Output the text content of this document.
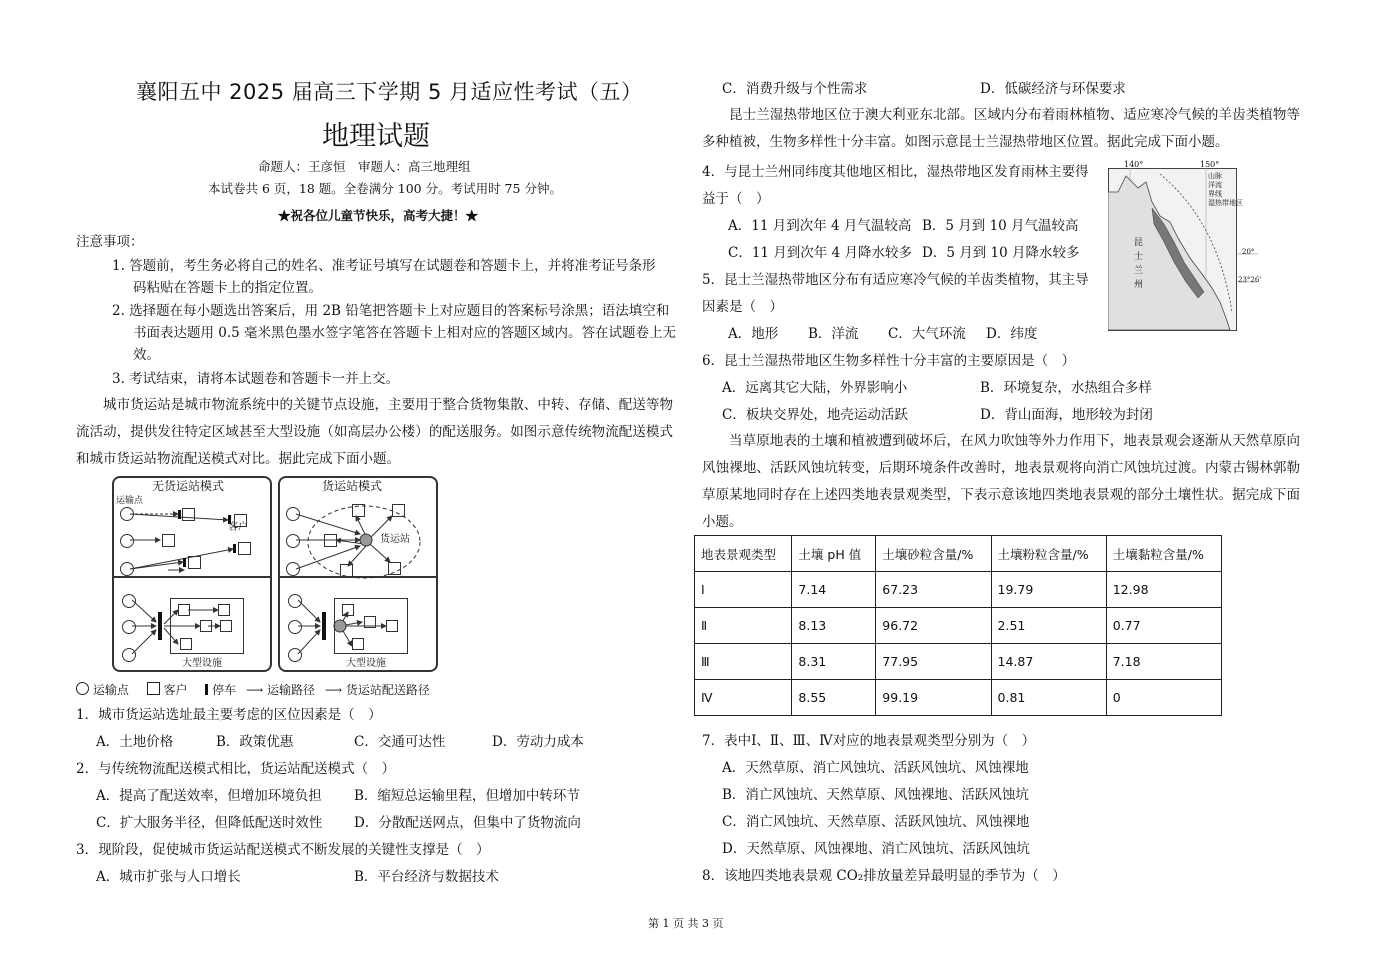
襄阳五中 2025 届高三下学期 5 月适应性考试（五）
地理试题
命题人：王彦恒　审题人：高三地理组
本试卷共 6 页，18 题。全卷满分 100 分。考试用时 75 分钟。
★祝各位儿童节快乐，高考大捷！★
注意事项：
1. 答题前，考生务必将自己的姓名、准考证号填写在试题卷和答题卡上，并将准考证号条形
码粘贴在答题卡上的指定位置。
2. 选择题在每小题选出答案后，用 2B 铅笔把答题卡上对应题目的答案标号涂黑；语法填空和
书面表达题用 0.5 毫米黑色墨水签字笔答在答题卡上相对应的答题区域内。答在试题卷上无
效。
3. 考试结束，请将本试题卷和答题卡一并上交。
城市货运站是城市物流系统中的关键节点设施，主要用于整合货物集散、中转、存储、配送等物流活动，提供发往特定区域甚至大型设施（如高层办公楼）的配送服务。如图示意传统物流配送模式和城市货运站物流配送模式对比。据此完成下面小题。
无货运站模式	货运站模式
运输点
客户
货运站
大型设施	大型设施
运输点	客户 停车 ⟶ 运输路径 ⟶ 货运站配送路径
1．城市货运站选址最主要考虑的区位因素是（　）
A．土地价格	B．政策优惠	C．交通可达性	D．劳动力成本
2．与传统物流配送模式相比，货运站配送模式（　）
A．提高了配送效率，但增加环境负担 B．缩短总运输里程，但增加中转环节
C．扩大服务半径，但降低配送时效性 D．分散配送网点，但集中了货物流向
3．现阶段，促使城市货运站配送模式不断发展的关键性支撑是（　）
A．城市扩张与人口增长	B．平台经济与数据技术
C．消费升级与个性需求	D．低碳经济与环保要求
昆士兰湿热带地区位于澳大利亚东北部。区域内分布着雨林植物、适应寒冷气候的羊齿类植物等多种植被，生物多样性十分丰富。如图示意昆士兰湿热带地区位置。据此完成下面小题。
4．与昆士兰州同纬度其他地区相比，湿热带地区发育雨林主要得
益于（　）
A．11 月到次年 4 月气温较高 B．5 月到 10 月气温较高
C．11 月到次年 4 月降水较多 D．5 月到 10 月降水较多
5．昆士兰湿热带地区分布有适应寒冷气候的羊齿类植物，其主导
因素是（　）
A．地形 B．洋流 C．大气环流 D．纬度
140°	150°
20°
23°26'
昆士兰州
山脉
洋流
界线
湿热带地区
6．昆士兰湿热带地区生物多样性十分丰富的主要原因是（　）
A．远离其它大陆，外界影响小	B．环境复杂，水热组合多样
C．板块交界处，地壳运动活跃	D．背山面海，地形较为封闭
当草原地表的土壤和植被遭到破坏后，在风力吹蚀等外力作用下，地表景观会逐渐从天然草原向风蚀裸地、活跃风蚀坑转变，后期环境条件改善时，地表景观将向消亡风蚀坑过渡。内蒙古锡林郭勒草原某地同时存在上述四类地表景观类型，下表示意该地四类地表景观的部分土壤性状。据完成下面小题。
地表景观类型	土壤 pH 值	土壤砂粒含量/%	土壤粉粒含量/%	土壤黏粒含量/%
Ⅰ	7.14	67.23	19.79	12.98
Ⅱ	8.13	96.72	2.51	0.77
Ⅲ	8.31	77.95	14.87	7.18
Ⅳ	8.55	99.19	0.81	0
7．表中Ⅰ、Ⅱ、Ⅲ、Ⅳ对应的地表景观类型分别为（　）
A．天然草原、消亡风蚀坑、活跃风蚀坑、风蚀裸地
B．消亡风蚀坑、天然草原、风蚀裸地、活跃风蚀坑
C．消亡风蚀坑、天然草原、活跃风蚀坑、风蚀裸地
D．天然草原、风蚀裸地、消亡风蚀坑、活跃风蚀坑
8．该地四类地表景观 CO₂排放量差异最明显的季节为（　）
第 1 页 共 3 页
